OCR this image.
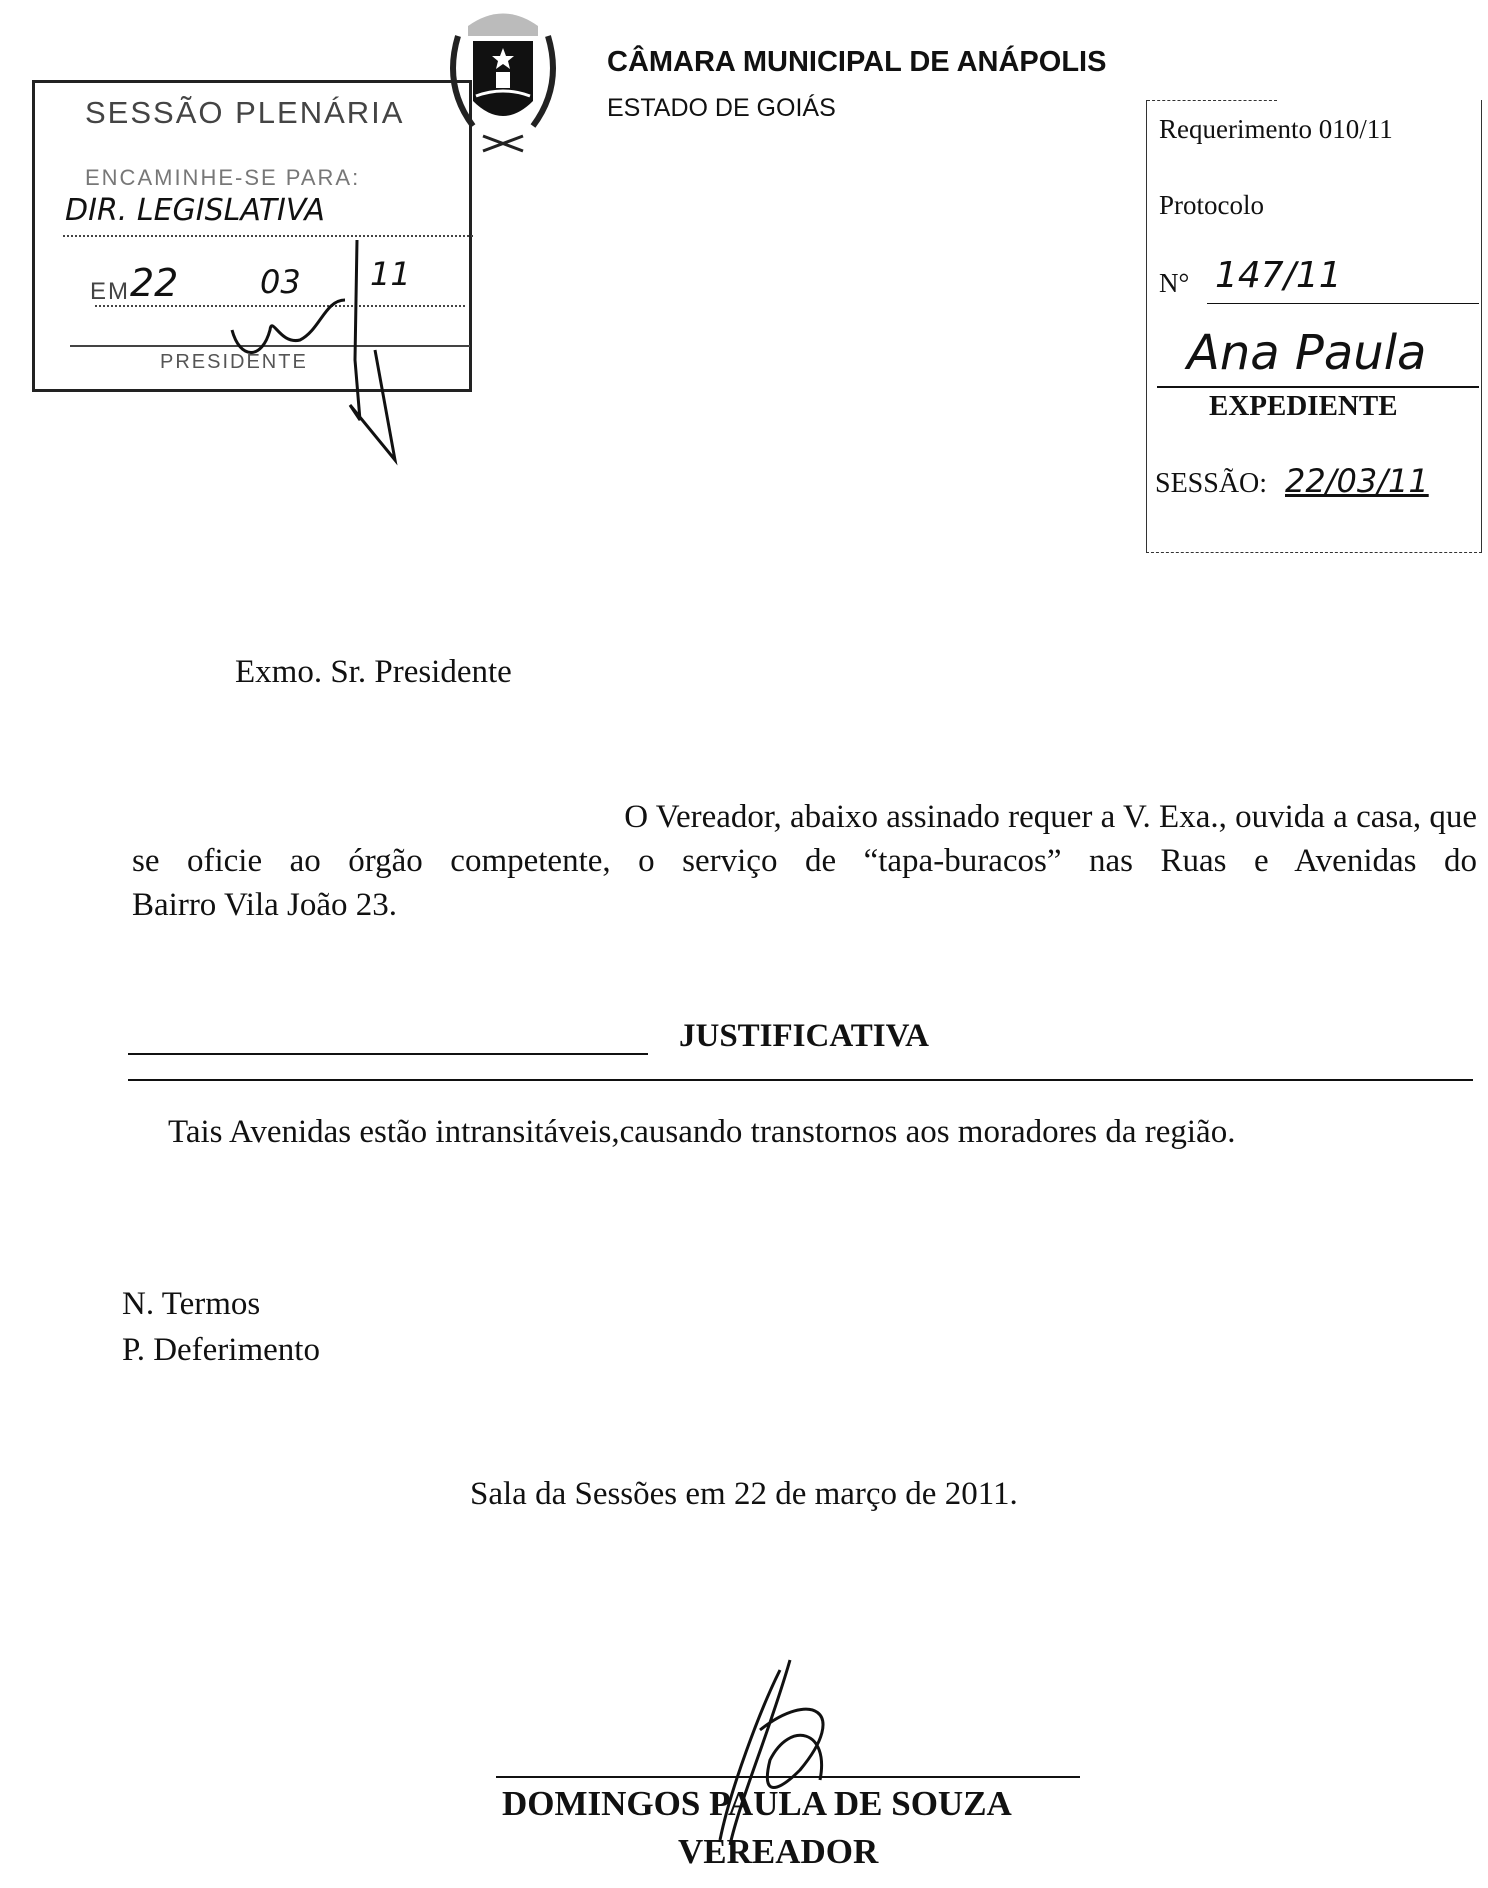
SESSÃO PLENÁRIA
ENCAMINHE-SE PARA:
DIR. LEGISLATIVA
EM 22	03 11
PRESIDENTE
CÂMARA MUNICIPAL DE ANÁPOLIS
ESTADO DE GOIÁS
Requerimento 010/11
Protocolo
N° 147/11
Ana Paula
EXPEDIENTE
SESSÃO: 22/03/11
Exmo. Sr. Presidente
O Vereador, abaixo assinado requer a V. Exa., ouvida a casa, que
se oficie ao órgão competente, o serviço de “tapa-buracos” nas Ruas e Avenidas do
Bairro Vila João 23.
JUSTIFICATIVA
Tais Avenidas estão intransitáveis,causando transtornos aos moradores da região.
N. Termos
P. Deferimento
Sala da Sessões em 22 de março de 2011.
DOMINGOS PAULA DE SOUZA
VEREADOR
